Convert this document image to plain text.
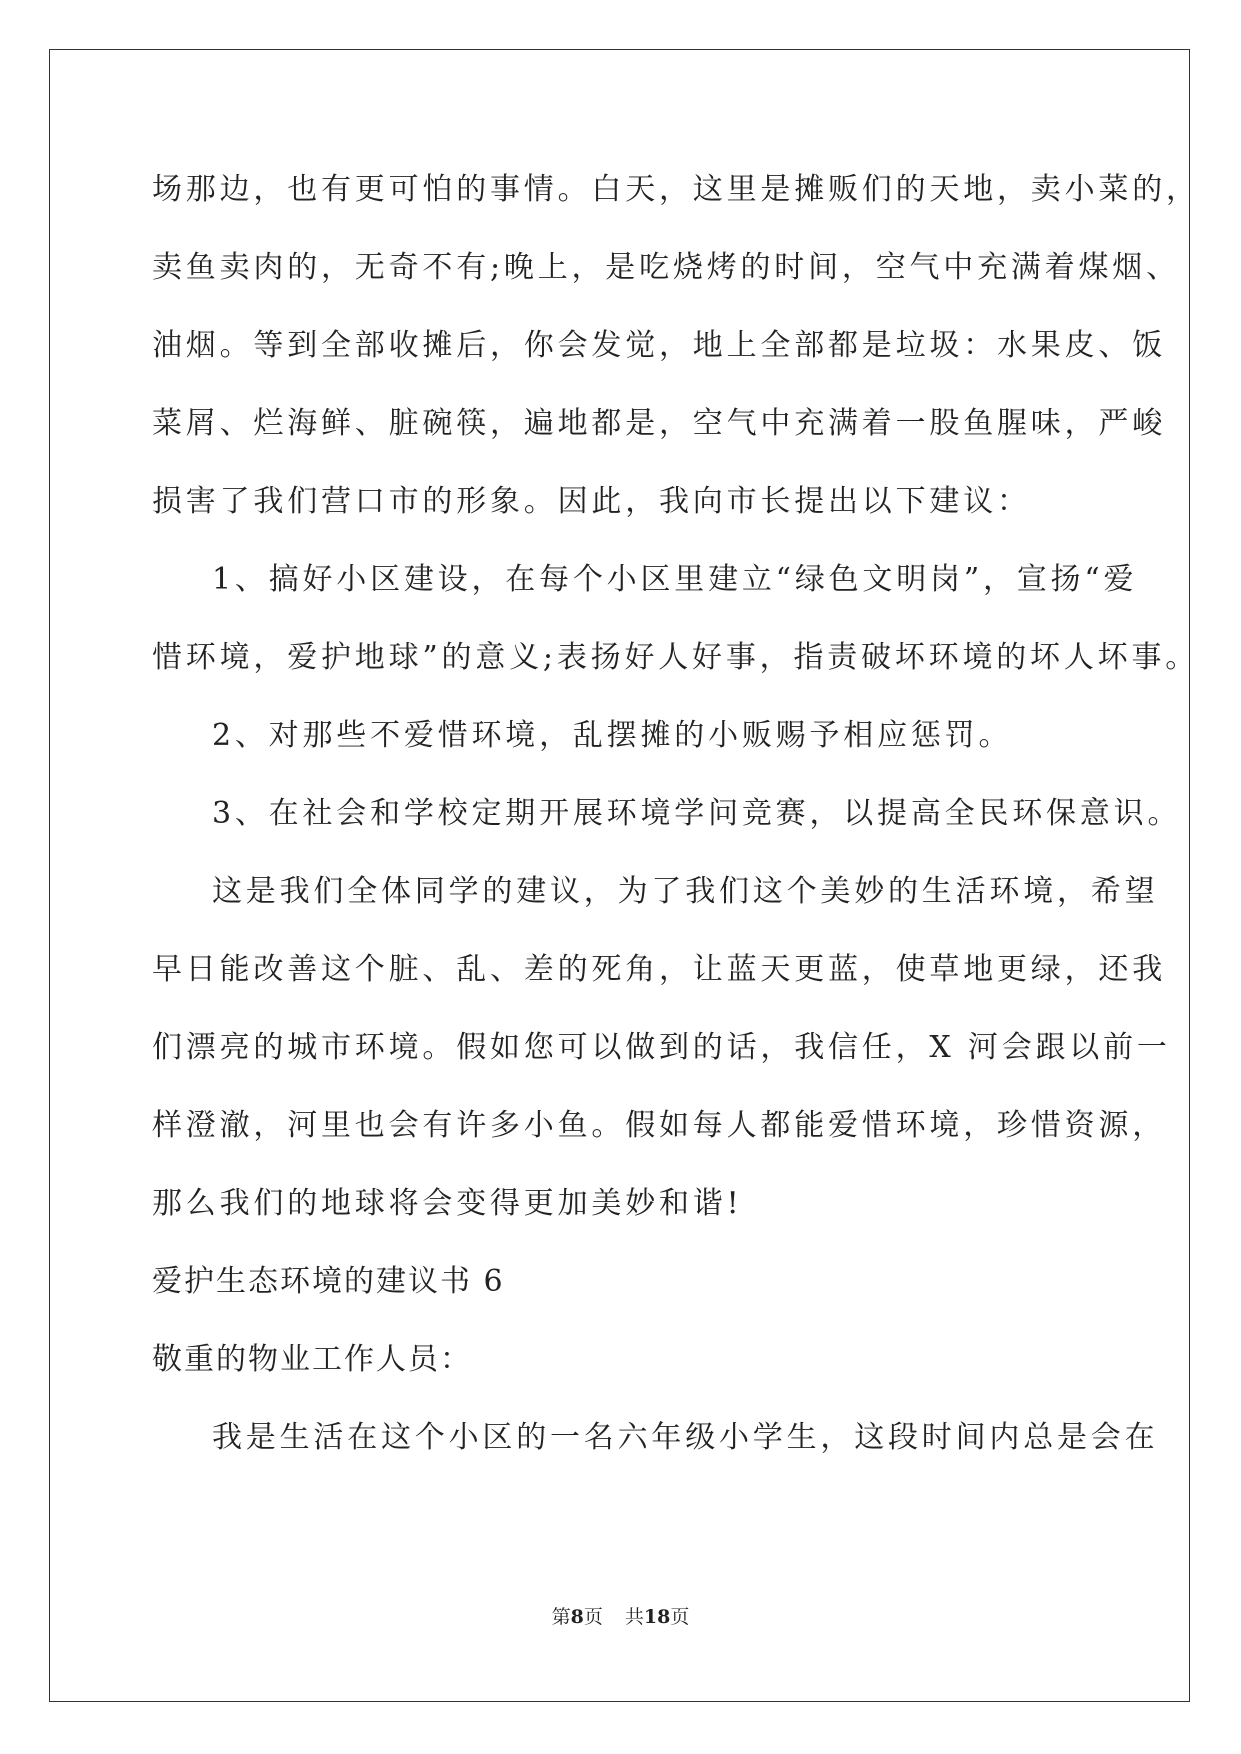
场那边，也有更可怕的事情。白天，这里是摊贩们的天地，卖小菜的，
卖鱼卖肉的，无奇不有;晚上，是吃烧烤的时间，空气中充满着煤烟、
油烟。等到全部收摊后，你会发觉，地上全部都是垃圾：水果皮、饭
菜屑、烂海鲜、脏碗筷，遍地都是，空气中充满着一股鱼腥味，严峻
损害了我们营口市的形象。因此，我向市长提出以下建议：
1、搞好小区建设，在每个小区里建立“绿色文明岗”，宣扬“爱
惜环境，爱护地球”的意义;表扬好人好事，指责破坏环境的坏人坏事。
2、对那些不爱惜环境，乱摆摊的小贩赐予相应惩罚。
3、在社会和学校定期开展环境学问竞赛，以提高全民环保意识。
这是我们全体同学的建议，为了我们这个美妙的生活环境，希望
早日能改善这个脏、乱、差的死角，让蓝天更蓝，使草地更绿，还我
们漂亮的城市环境。假如您可以做到的话，我信任，X 河会跟以前一
样澄澈，河里也会有许多小鱼。假如每人都能爱惜环境，珍惜资源，
那么我们的地球将会变得更加美妙和谐!
爱护生态环境的建议书 6
敬重的物业工作人员：
我是生活在这个小区的一名六年级小学生，这段时间内总是会在
第8页 共18页
